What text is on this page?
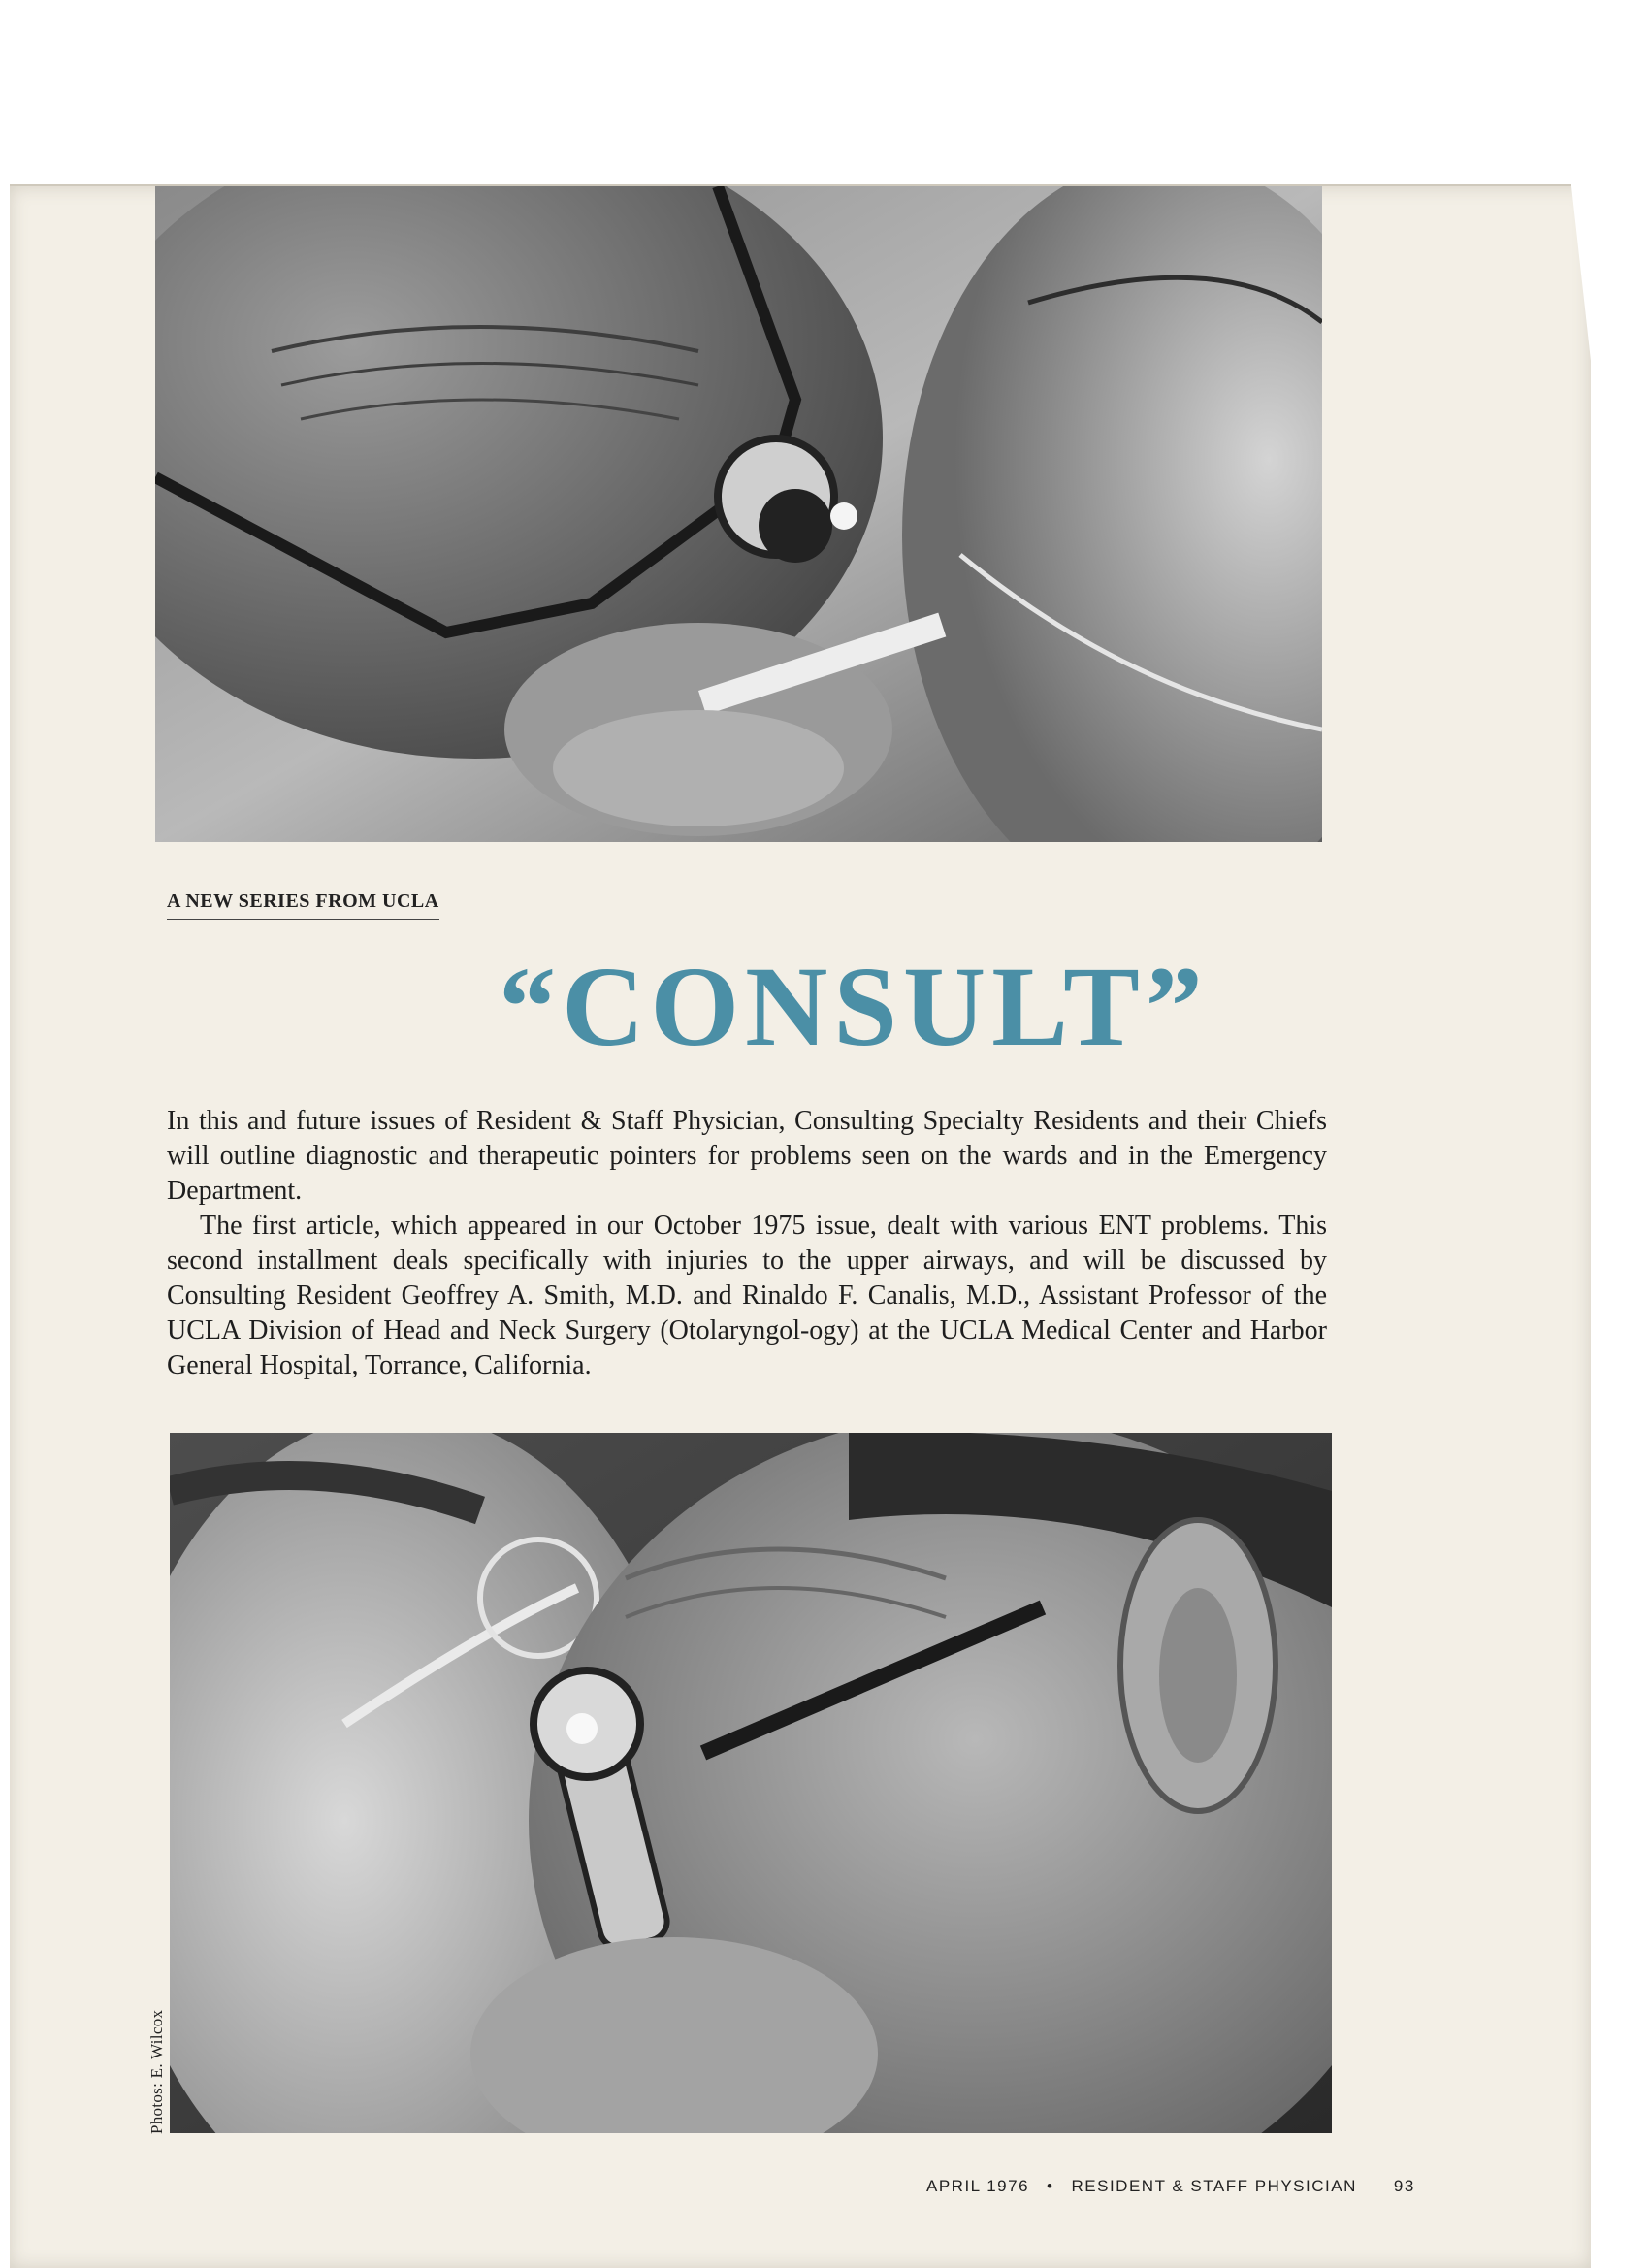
A NEW SERIES FROM UCLA
“CONSULT”

In this and future issues of Resident & Staff Physician, Consulting Specialty Residents and their Chiefs will outline diagnostic and therapeutic pointers for problems seen on the wards and in the Emergency Department.

The first article, which appeared in our October 1975 issue, dealt with various ENT problems. This second installment deals specifically with injuries to the upper airways, and will be discussed by Consulting Resident Geoffrey A. Smith, M.D. and Rinaldo F. Canalis, M.D., Assistant Professor of the UCLA Division of Head and Neck Surgery (Otolaryngol-ogy) at the UCLA Medical Center and Harbor General Hospital, Torrance, California.

Photos: E. Wilcox
APRIL 1976 • RESIDENT & STAFF PHYSICIAN 93
